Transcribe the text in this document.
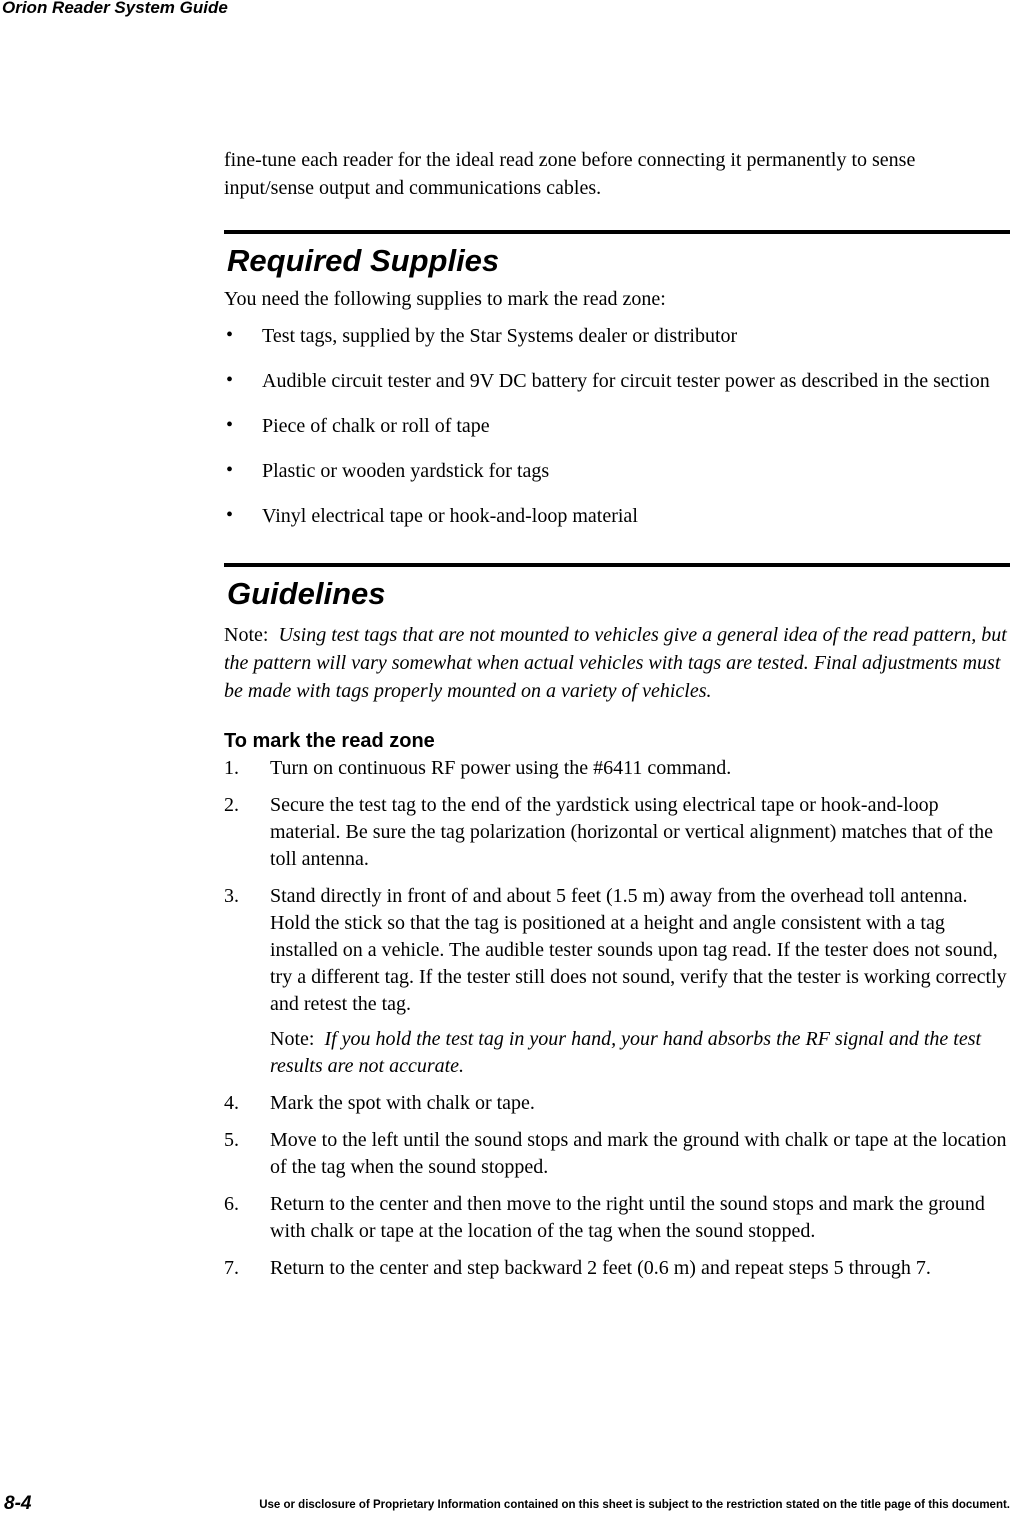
Orion Reader System Guide

fine-tune each reader for the ideal read zone before connecting it permanently to sense input/sense output and communications cables.

Required Supplies

You need the following supplies to mark the read zone:

• Test tags, supplied by the Star Systems dealer or distributor
• Audible circuit tester and 9V DC battery for circuit tester power as described in the section
• Piece of chalk or roll of tape
• Plastic or wooden yardstick for tags
• Vinyl electrical tape or hook-and-loop material
Guidelines

Note: Using test tags that are not mounted to vehicles give a general idea of the read pattern, but the pattern will vary somewhat when actual vehicles with tags are tested. Final adjustments must be made with tags properly mounted on a variety of vehicles.

To mark the read zone
1. Turn on continuous RF power using the #6411 command.
2. Secure the test tag to the end of the yardstick using electrical tape or hook-and-loop material. Be sure the tag polarization (horizontal or vertical alignment) matches that of the toll antenna.
3. Stand directly in front of and about 5 feet (1.5 m) away from the overhead toll antenna. Hold the stick so that the tag is positioned at a height and angle consistent with a tag installed on a vehicle. The audible tester sounds upon tag read. If the tester does not sound, try a different tag. If the tester still does not sound, verify that the tester is working correctly and retest the tag.

Note: If you hold the test tag in your hand, your hand absorbs the RF signal and the test results are not accurate.

4. Mark the spot with chalk or tape.
5. Move to the left until the sound stops and mark the ground with chalk or tape at the location of the tag when the sound stopped.
6. Return to the center and then move to the right until the sound stops and mark the ground with chalk or tape at the location of the tag when the sound stopped.
7. Return to the center and step backward 2 feet (0.6 m) and repeat steps 5 through 7.
8-4	Use or disclosure of Proprietary Information contained on this sheet is subject to the restriction stated on the title page of this document.
